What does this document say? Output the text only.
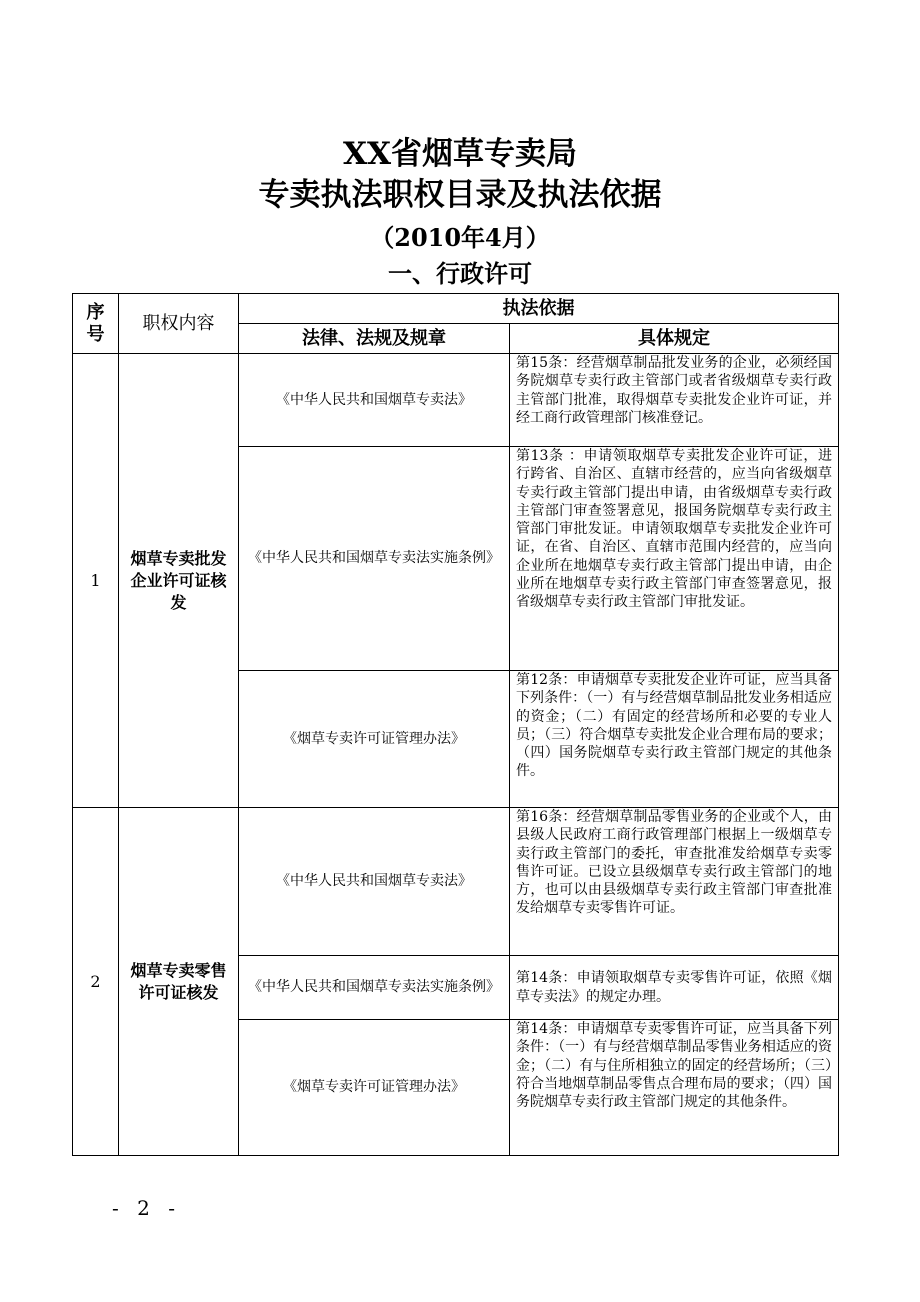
XX省烟草专卖局
专卖执法职权目录及执法依据
（2010年4月）
一、行政许可
序号	职权内容	执法依据	
		法律、法规及规章	具体规定
1	烟草专卖批发 企业许可证核发	《中华人民共和国烟草专卖法》	第15条：经营烟草制品批发业务的企业，必须经国务院烟草专卖行政主管部门或者省级烟草专卖行政主管部门批准，取得烟草专卖批发企业许可证，并经工商行政管理部门核准登记。
		《中华人民共和国烟草专卖法实施条例》	第13条 ：申请领取烟草专卖批发企业许可证，进行跨省、自治区、直辖市经营的，应当向省级烟草专卖行政主管部门提出申请，由省级烟草专卖行政主管部门审查签署意见，报国务院烟草专卖行政主管部门审批发证。申请领取烟草专卖批发企业许可证，在省、自治区、直辖市范围内经营的，应当向企业所在地烟草专卖行政主管部门提出申请，由企业所在地烟草专卖行政主管部门审查签署意见，报省级烟草专卖行政主管部门审批发证。
		《烟草专卖许可证管理办法》	第12条：申请烟草专卖批发企业许可证，应当具备下列条件：（一）有与经营烟草制品批发业务相适应的资金；（二）有固定的经营场所和必要的专业人员；（三）符合烟草专卖批发企业合理布局的要求；（四）国务院烟草专卖行政主管部门规定的其他条件。
2	烟草专卖零售许可证核发	《中华人民共和国烟草专卖法》	第16条：经营烟草制品零售业务的企业或个人，由县级人民政府工商行政管理部门根据上一级烟草专卖行政主管部门的委托，审查批准发给烟草专卖零售许可证。已设立县级烟草专卖行政主管部门的地方，也可以由县级烟草专卖行政主管部门审查批准发给烟草专卖零售许可证。
		《中华人民共和国烟草专卖法实施条例》	第14条：申请领取烟草专卖零售许可证，依照《烟草专卖法》的规定办理。
		《烟草专卖许可证管理办法》	第14条：申请烟草专卖零售许可证，应当具备下列条件：（一）有与经营烟草制品零售业务相适应的资金；（二）有与住所相独立的固定的经营场所；（三）符合当地烟草制品零售点合理布局的要求；（四）国务院烟草专卖行政主管部门规定的其他条件。
- 2 -
